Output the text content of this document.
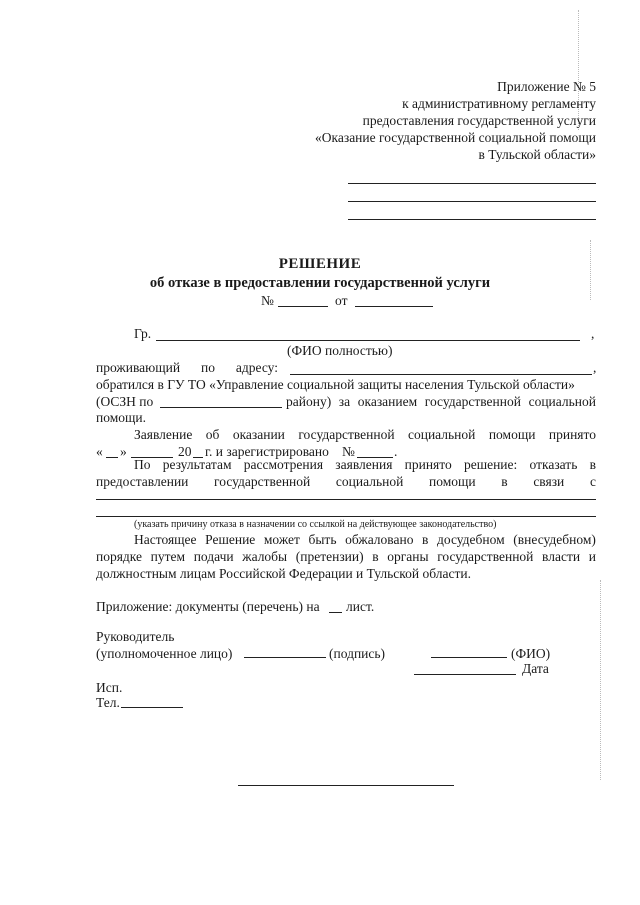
Приложение № 5
к административному регламенту
предоставления государственной услуги
«Оказание государственной социальной помощи
в Тульской области»
РЕШЕНИЕ
об отказе в предоставлении государственной услуги
№	от
Гр.	,
(ФИО полностью)
проживающий по адресу:	,
обратился в ГУ ТО «Управление социальной защиты населения Тульской области»
(ОСЗН по	району) за оказанием государственной социальной
помощи.
Заявление об оказании государственной социальной помощи принято
« »	20 г. и зарегистрировано №	.
По результатам рассмотрения заявления принято решение: отказать в
предоставлении государственной социальной помощи в связи с
(указать причину отказа в назначении со ссылкой на действующее законодательство)
Настоящее Решение может быть обжаловано в досудебном (внесудебном)
порядке путем подачи жалобы (претензии) в органы государственной власти и
должностным лицам Российской Федерации и Тульской области.
Приложение: документы (перечень) на лист.
Руководитель
(уполномоченное лицо)	(подпись)	(ФИО)
Дата
Исп.
Тел.
